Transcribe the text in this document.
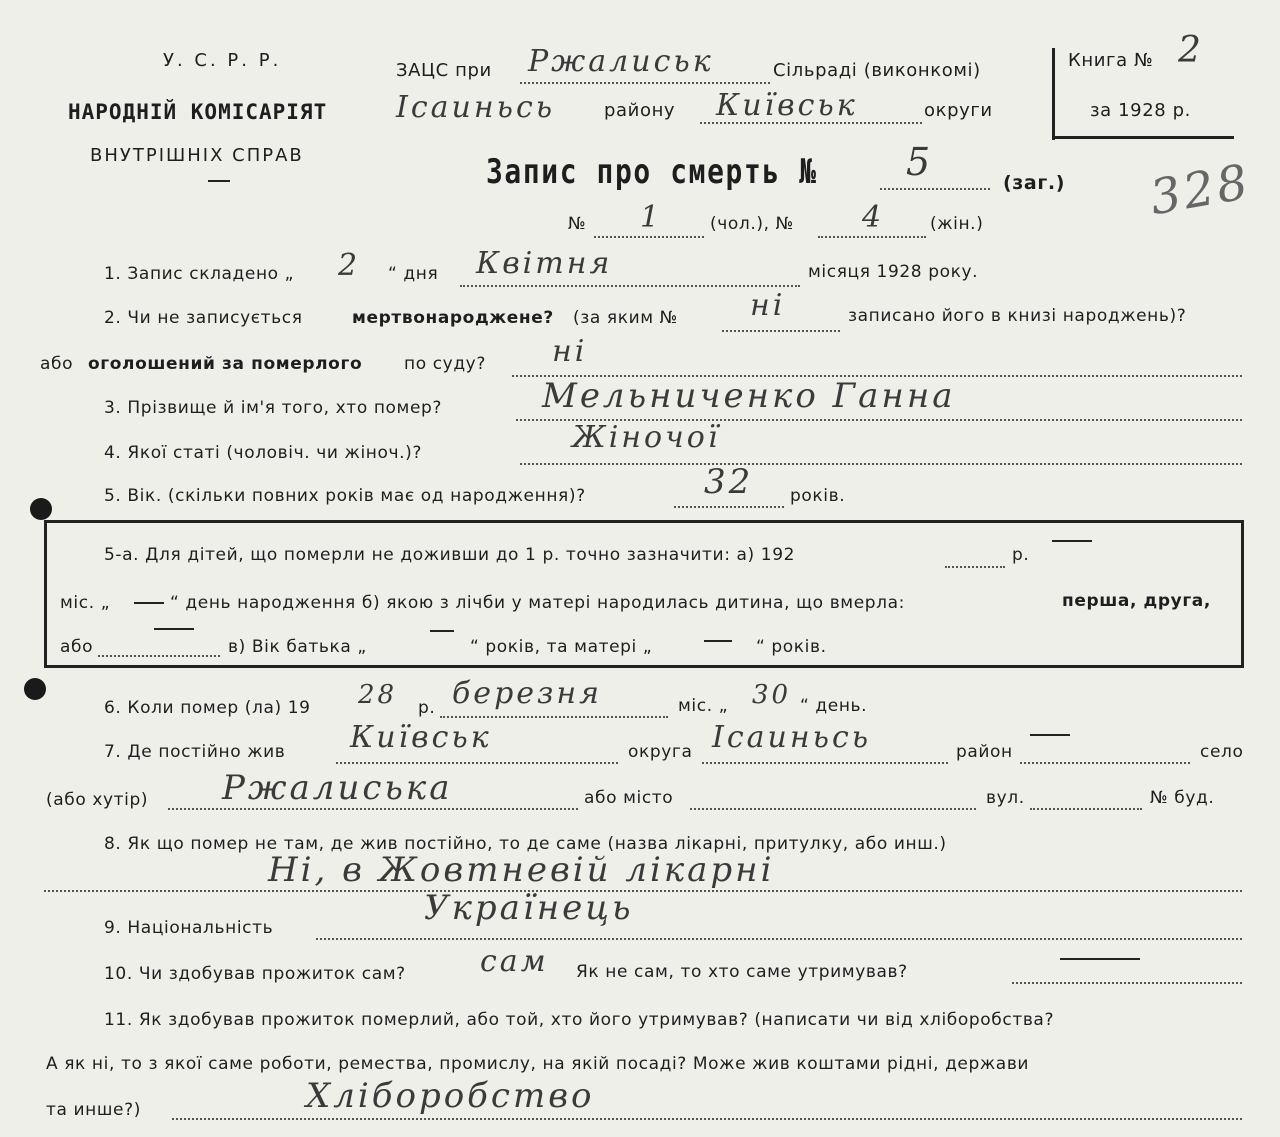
У. С. Р. Р.
НАРОДНІЙ КОМІСАРІЯТ
ВНУТРІШНІХ СПРАВ
ЗАЦС при Ржалиськ	Сільраді (виконкомі)
Ісаиньсь	району Київськ	округи
Книга № 2
за 1928 р.
328
Запис про смерть № 5	(заг.)
№ 1	(чол.), № 4	(жін.)
1. Запис складено „ 2 “ дня Квітня	місяця 1928 року.
2. Чи не записується	мертвонароджене? (за яким № ні	записано його в книзі народжень)?
або оголошений за померлого по суду? ні
3. Прізвище й ім'я того, хто помер?	Мельниченко Ганна
4. Якої статі (чоловіч. чи жіноч.)?	Жіночої
5. Вік. (скільки повних років має од народження)?	32 років.
5-а. Для дітей, що померли не доживши до 1 р. точно зазначити: а) 192	р.
міс. „	“ день народження б) якою з лічби у матері народилась дитина, що вмерла:	перша, друга,
або	в) Вік батька „	“ років, та матері „	“ років.
6. Коли помер (ла) 19 28 р. березня	міс. „ 30 “ день.
7. Де постійно жив Київськ	округа Ісаиньсь	район	село
(або хутір) Ржалиська	або місто	вул.	№ буд.
8. Як що помер не там, де жив постійно, то де саме (назва лікарні, притулку, або инш.)
Ні, в Жовтневій лікарні
9. Національність	Українець
10. Чи здобував прожиток сам? сам Як не сам, то хто саме утримував?
11. Як здобував прожиток померлий, або той, хто його утримував? (написати чи від хліборобства?
А як ні, то з якої саме роботи, ремества, промислу, на якій посаді? Може жив коштами рідні, держави
та инше?)	Хліборобство
